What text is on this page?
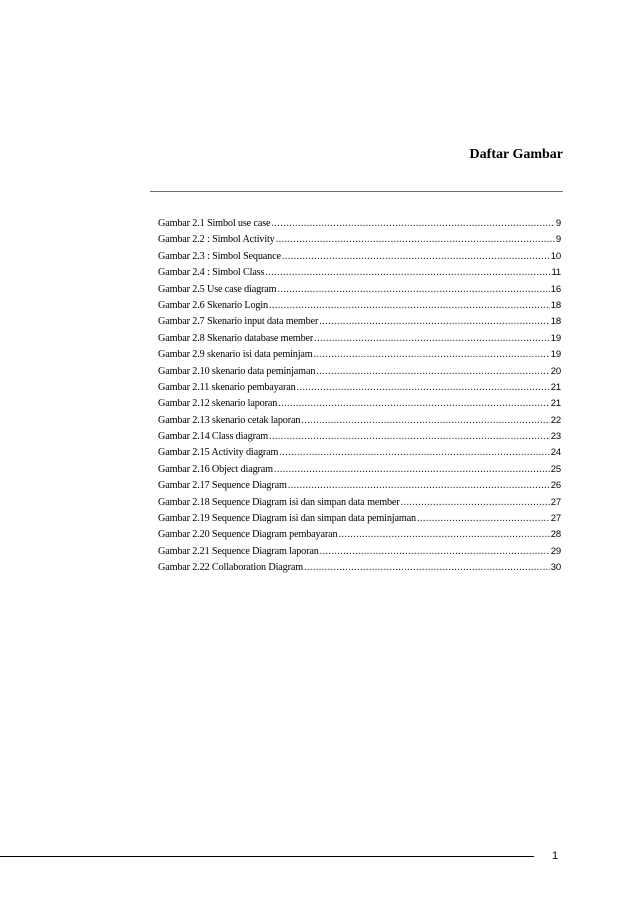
Daftar Gambar
Gambar 2.1 Simbol use case .....	9
Gambar 2.2 : Simbol Activity .....	9
Gambar 2.3 : Simbol Sequance .....	10
Gambar 2.4 : Simbol Class .....	11
Gambar 2.5 Use case diagram .....	16
Gambar 2.6 Skenario Login .....	18
Gambar 2.7 Skenario input data member .....	18
Gambar 2.8 Skenario database member .....	19
Gambar 2.9 skenario isi data peminjam .....	19
Gambar 2.10 skenario data peminjaman .....	20
Gambar 2.11 skenario pembayaran .....	21
Gambar 2.12 skenario laporan .....	21
Gambar 2.13 skenario cetak laporan .....	22
Gambar 2.14 Class diagram .....	23
Gambar 2.15 Activity diagram .....	24
Gambar 2.16 Object diagram .....	25
Gambar 2.17 Sequence Diagram .....	26
Gambar 2.18 Sequence Diagram isi dan simpan data member .....	27
Gambar 2.19 Sequence Diagram isi dan simpan data peminjaman .....	27
Gambar 2.20 Sequence Diagram pembayaran .....	28
Gambar 2.21 Sequence Diagram laporan .....	29
Gambar 2.22 Collaboration Diagram .....	30
1
